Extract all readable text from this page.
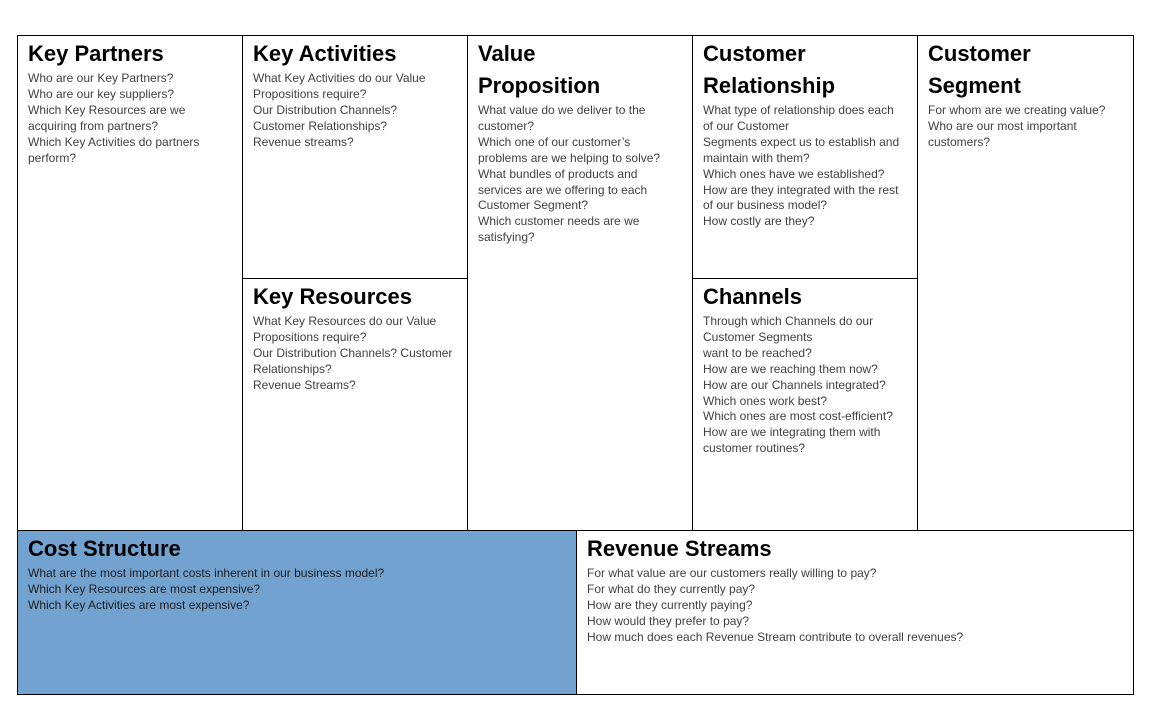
Key Partners
Who are our Key Partners?
Who are our key suppliers?
Which Key Resources are we
acquiring from partners?
Which Key Activities do partners
perform?
Key Activities
What Key Activities do our Value
Propositions require?
Our Distribution Channels?
Customer Relationships?
Revenue streams?
Key Resources
What Key Resources do our Value
Propositions require?
Our Distribution Channels? Customer
Relationships?
Revenue Streams?
Value
Proposition
What value do we deliver to the
customer?
Which one of our customer’s
problems are we helping to solve?
What bundles of products and
services are we offering to each
Customer Segment?
Which customer needs are we
satisfying?
Customer
Relationship
What type of relationship does each
of our Customer
Segments expect us to establish and
maintain with them?
Which ones have we established?
How are they integrated with the rest
of our business model?
How costly are they?
Channels
Through which Channels do our
Customer Segments
want to be reached?
How are we reaching them now?
How are our Channels integrated?
Which ones work best?
Which ones are most cost-efficient?
How are we integrating them with
customer routines?
Customer
Segment
For whom are we creating value?
Who are our most important
customers?
Cost Structure
What are the most important costs inherent in our business model?
Which Key Resources are most expensive?
Which Key Activities are most expensive?
Revenue Streams
For what value are our customers really willing to pay?
For what do they currently pay?
How are they currently paying?
How would they prefer to pay?
How much does each Revenue Stream contribute to overall revenues?
